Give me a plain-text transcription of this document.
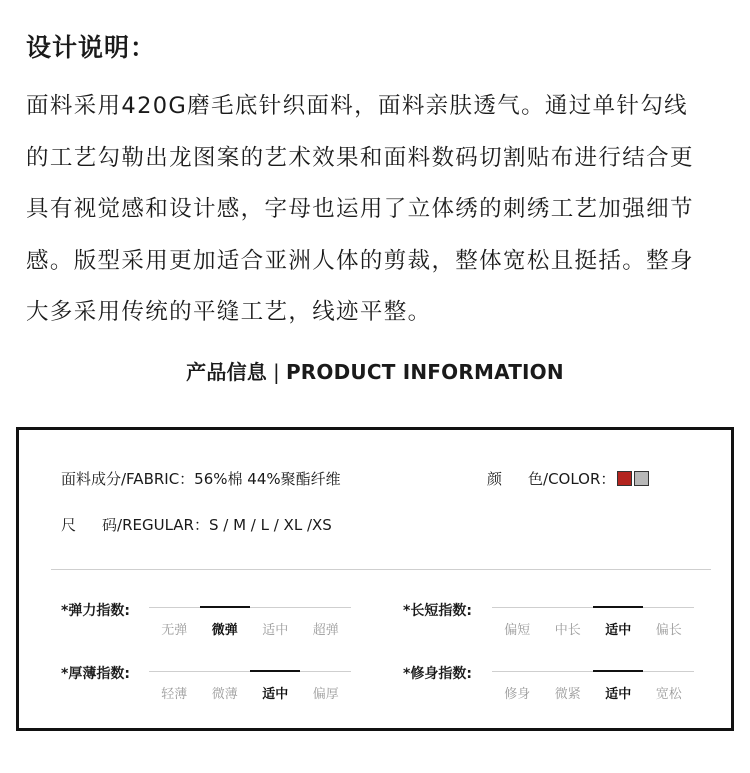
设计说明：
面料采用420G磨毛底针织面料，面料亲肤透气。通过单针勾线
的工艺勾勒出龙图案的艺术效果和面料数码切割贴布进行结合更
具有视觉感和设计感，字母也运用了立体绣的刺绣工艺加强细节
感。版型采用更加适合亚洲人体的剪裁，整体宽松且挺括。整身
大多采用传统的平缝工艺，线迹平整。
产品信息 | PRODUCT INFORMATION
面料成分/FABRIC：56%棉 44%聚酯纤维	颜 色/COLOR：
尺 码/REGULAR：S / M / L / XL /XS
*弹力指数:
无弹	微弹	适中	超弹
*长短指数:
偏短	中长	适中	偏长
*厚薄指数:
轻薄	微薄	适中	偏厚
*修身指数:
修身	微紧	适中	宽松
